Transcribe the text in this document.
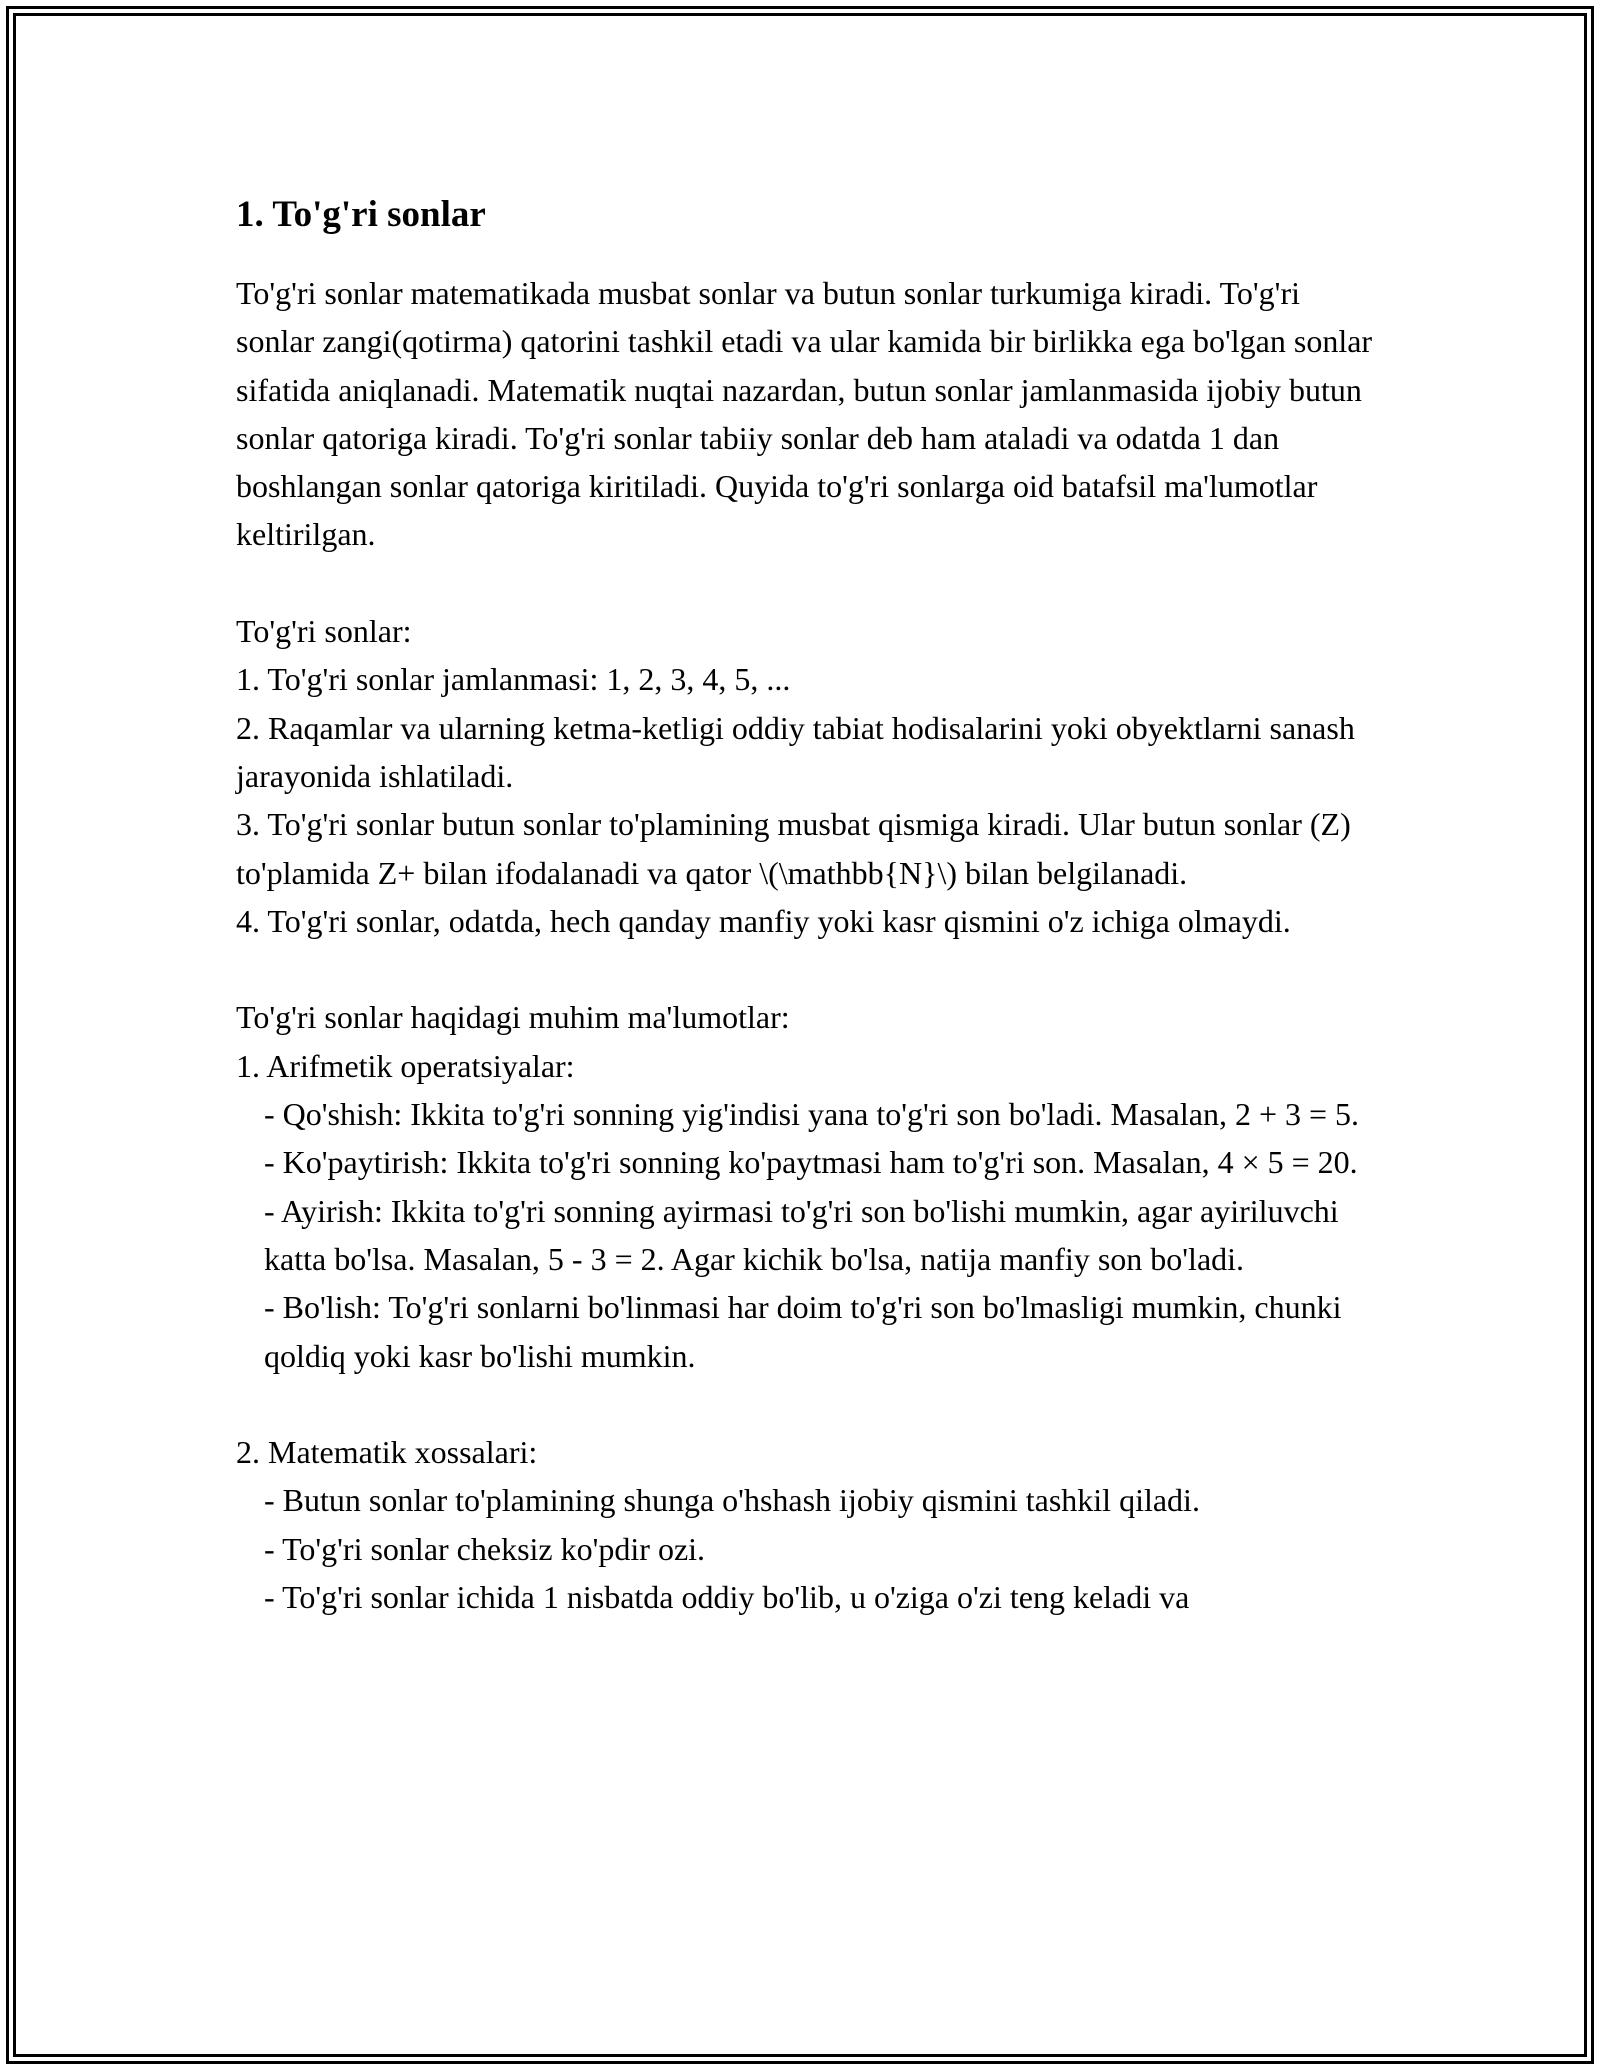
1. To'g'ri sonlar

To'g'ri sonlar matematikada musbat sonlar va butun sonlar turkumiga kiradi. To'g'ri sonlar zangi(qotirma) qatorini tashkil etadi va ular kamida bir birlikka ega bo'lgan sonlar sifatida aniqlanadi. Matematik nuqtai nazardan, butun sonlar jamlanmasida ijobiy butun sonlar qatoriga kiradi. To'g'ri sonlar tabiiy sonlar deb ham ataladi va odatda 1 dan boshlangan sonlar qatoriga kiritiladi. Quyida to'g'ri sonlarga oid batafsil ma'lumotlar keltirilgan.

To'g'ri sonlar:
1. To'g'ri sonlar jamlanmasi: 1, 2, 3, 4, 5, ...

2. Raqamlar va ularning ketma-ketligi oddiy tabiat hodisalarini yoki obyektlarni sanash jarayonida ishlatiladi.

3. To'g'ri sonlar butun sonlar to'plamining musbat qismiga kiradi. Ular butun sonlar (Z) to'plamida Z+ bilan ifodalanadi va qator \(\mathbb{N}\) bilan belgilanadi.

4. To'g'ri sonlar, odatda, hech qanday manfiy yoki kasr qismini o'z ichiga olmaydi.

To'g'ri sonlar haqidagi muhim ma'lumotlar:
1. Arifmetik operatsiyalar:

- Qo'shish: Ikkita to'g'ri sonning yig'indisi yana to'g'ri son bo'ladi. Masalan, 2 + 3 = 5.

- Ko'paytirish: Ikkita to'g'ri sonning ko'paytmasi ham to'g'ri son. Masalan, 4 × 5 = 20.

- Ayirish: Ikkita to'g'ri sonning ayirmasi to'g'ri son bo'lishi mumkin, agar ayiriluvchi katta bo'lsa. Masalan, 5 - 3 = 2. Agar kichik bo'lsa, natija manfiy son bo'ladi.

- Bo'lish: To'g'ri sonlarni bo'linmasi har doim to'g'ri son bo'lmasligi mumkin, chunki qoldiq yoki kasr bo'lishi mumkin.

2. Matematik xossalari:

- Butun sonlar to'plamining shunga o'hshash ijobiy qismini tashkil qiladi.

- To'g'ri sonlar cheksiz ko'pdir ozi.

- To'g'ri sonlar ichida 1 nisbatda oddiy bo'lib, u o'ziga o'zi teng keladi va
